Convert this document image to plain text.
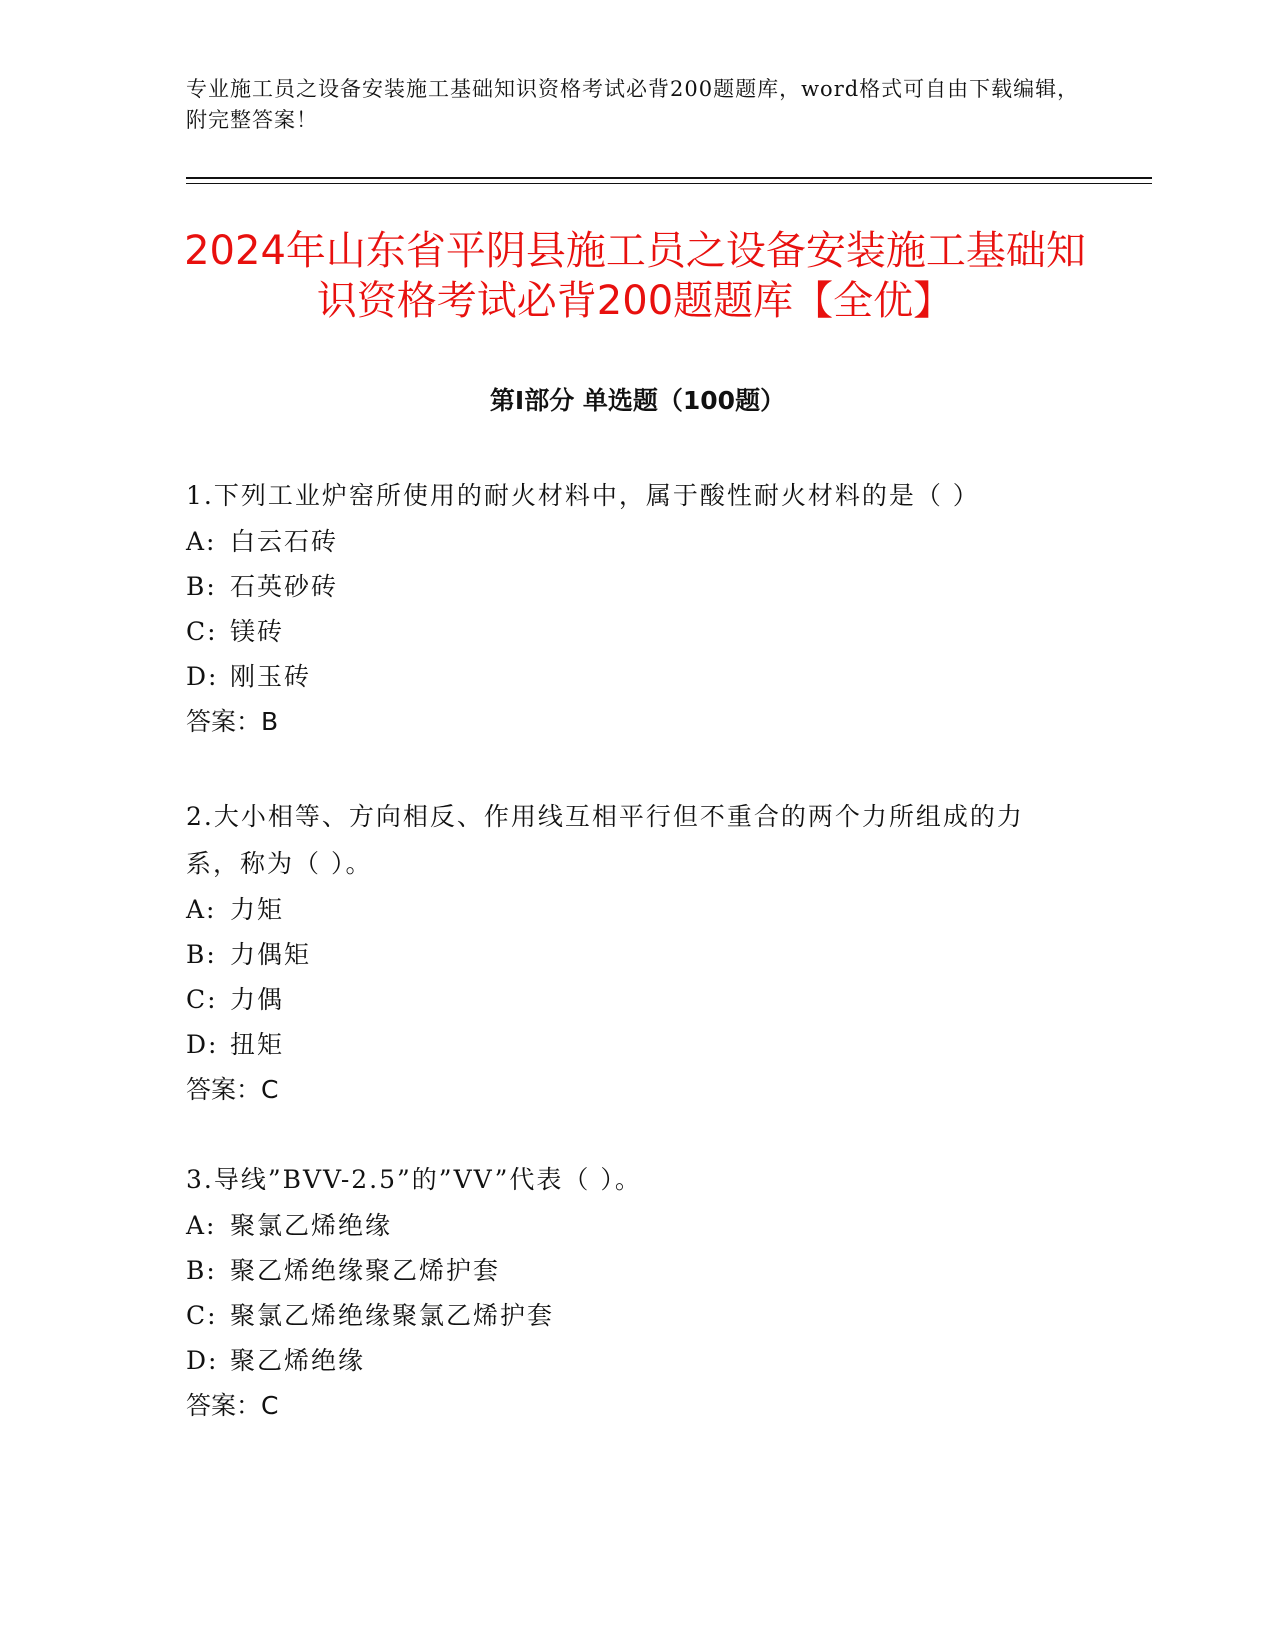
专业施工员之设备安装施工基础知识资格考试必背200题题库，word格式可自由下载编辑，附完整答案！
2024年山东省平阴县施工员之设备安装施工基础知识资格考试必背200题题库【全优】
第I部分 单选题（100题）

1.下列工业炉窑所使用的耐火材料中，属于酸性耐火材料的是（ ）

A: 白云石砖

B: 石英砂砖

C: 镁砖

D: 刚玉砖

答案：B

2.大小相等、方向相反、作用线互相平行但不重合的两个力所组成的力系，称为（ ）。

A: 力矩

B: 力偶矩

C: 力偶

D: 扭矩

答案：C

3.导线”BVV-2.5”的”VV”代表（ ）。

A: 聚氯乙烯绝缘

B: 聚乙烯绝缘聚乙烯护套

C: 聚氯乙烯绝缘聚氯乙烯护套

D: 聚乙烯绝缘

答案：C
